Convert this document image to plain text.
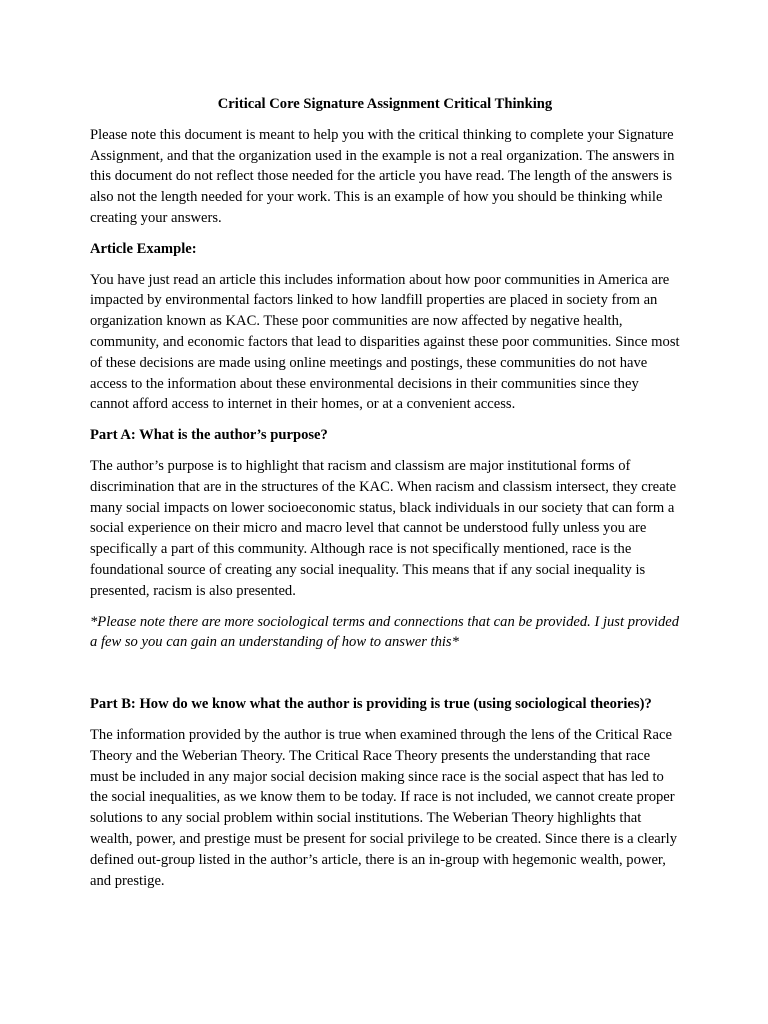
Critical Core Signature Assignment Critical Thinking

Please note this document is meant to help you with the critical thinking to complete your Signature Assignment, and that the organization used in the example is not a real organization. The answers in this document do not reflect those needed for the article you have read. The length of the answers is also not the length needed for your work. This is an example of how you should be thinking while creating your answers.

Article Example:

You have just read an article this includes information about how poor communities in America are impacted by environmental factors linked to how landfill properties are placed in society from an organization known as KAC. These poor communities are now affected by negative health, community, and economic factors that lead to disparities against these poor communities. Since most of these decisions are made using online meetings and postings, these communities do not have access to the information about these environmental decisions in their communities since they cannot afford access to internet in their homes, or at a convenient access.

Part A: What is the author’s purpose?

The author’s purpose is to highlight that racism and classism are major institutional forms of discrimination that are in the structures of the KAC. When racism and classism intersect, they create many social impacts on lower socioeconomic status, black individuals in our society that can form a social experience on their micro and macro level that cannot be understood fully unless you are specifically a part of this community. Although race is not specifically mentioned, race is the foundational source of creating any social inequality. This means that if any social inequality is presented, racism is also presented.

*Please note there are more sociological terms and connections that can be provided. I just provided a few so you can gain an understanding of how to answer this*

Part B: How do we know what the author is providing is true (using sociological theories)?

The information provided by the author is true when examined through the lens of the Critical Race Theory and the Weberian Theory. The Critical Race Theory presents the understanding that race must be included in any major social decision making since race is the social aspect that has led to the social inequalities, as we know them to be today. If race is not included, we cannot create proper solutions to any social problem within social institutions. The Weberian Theory highlights that wealth, power, and prestige must be present for social privilege to be created. Since there is a clearly defined out-group listed in the author’s article, there is an in-group with hegemonic wealth, power, and prestige.
